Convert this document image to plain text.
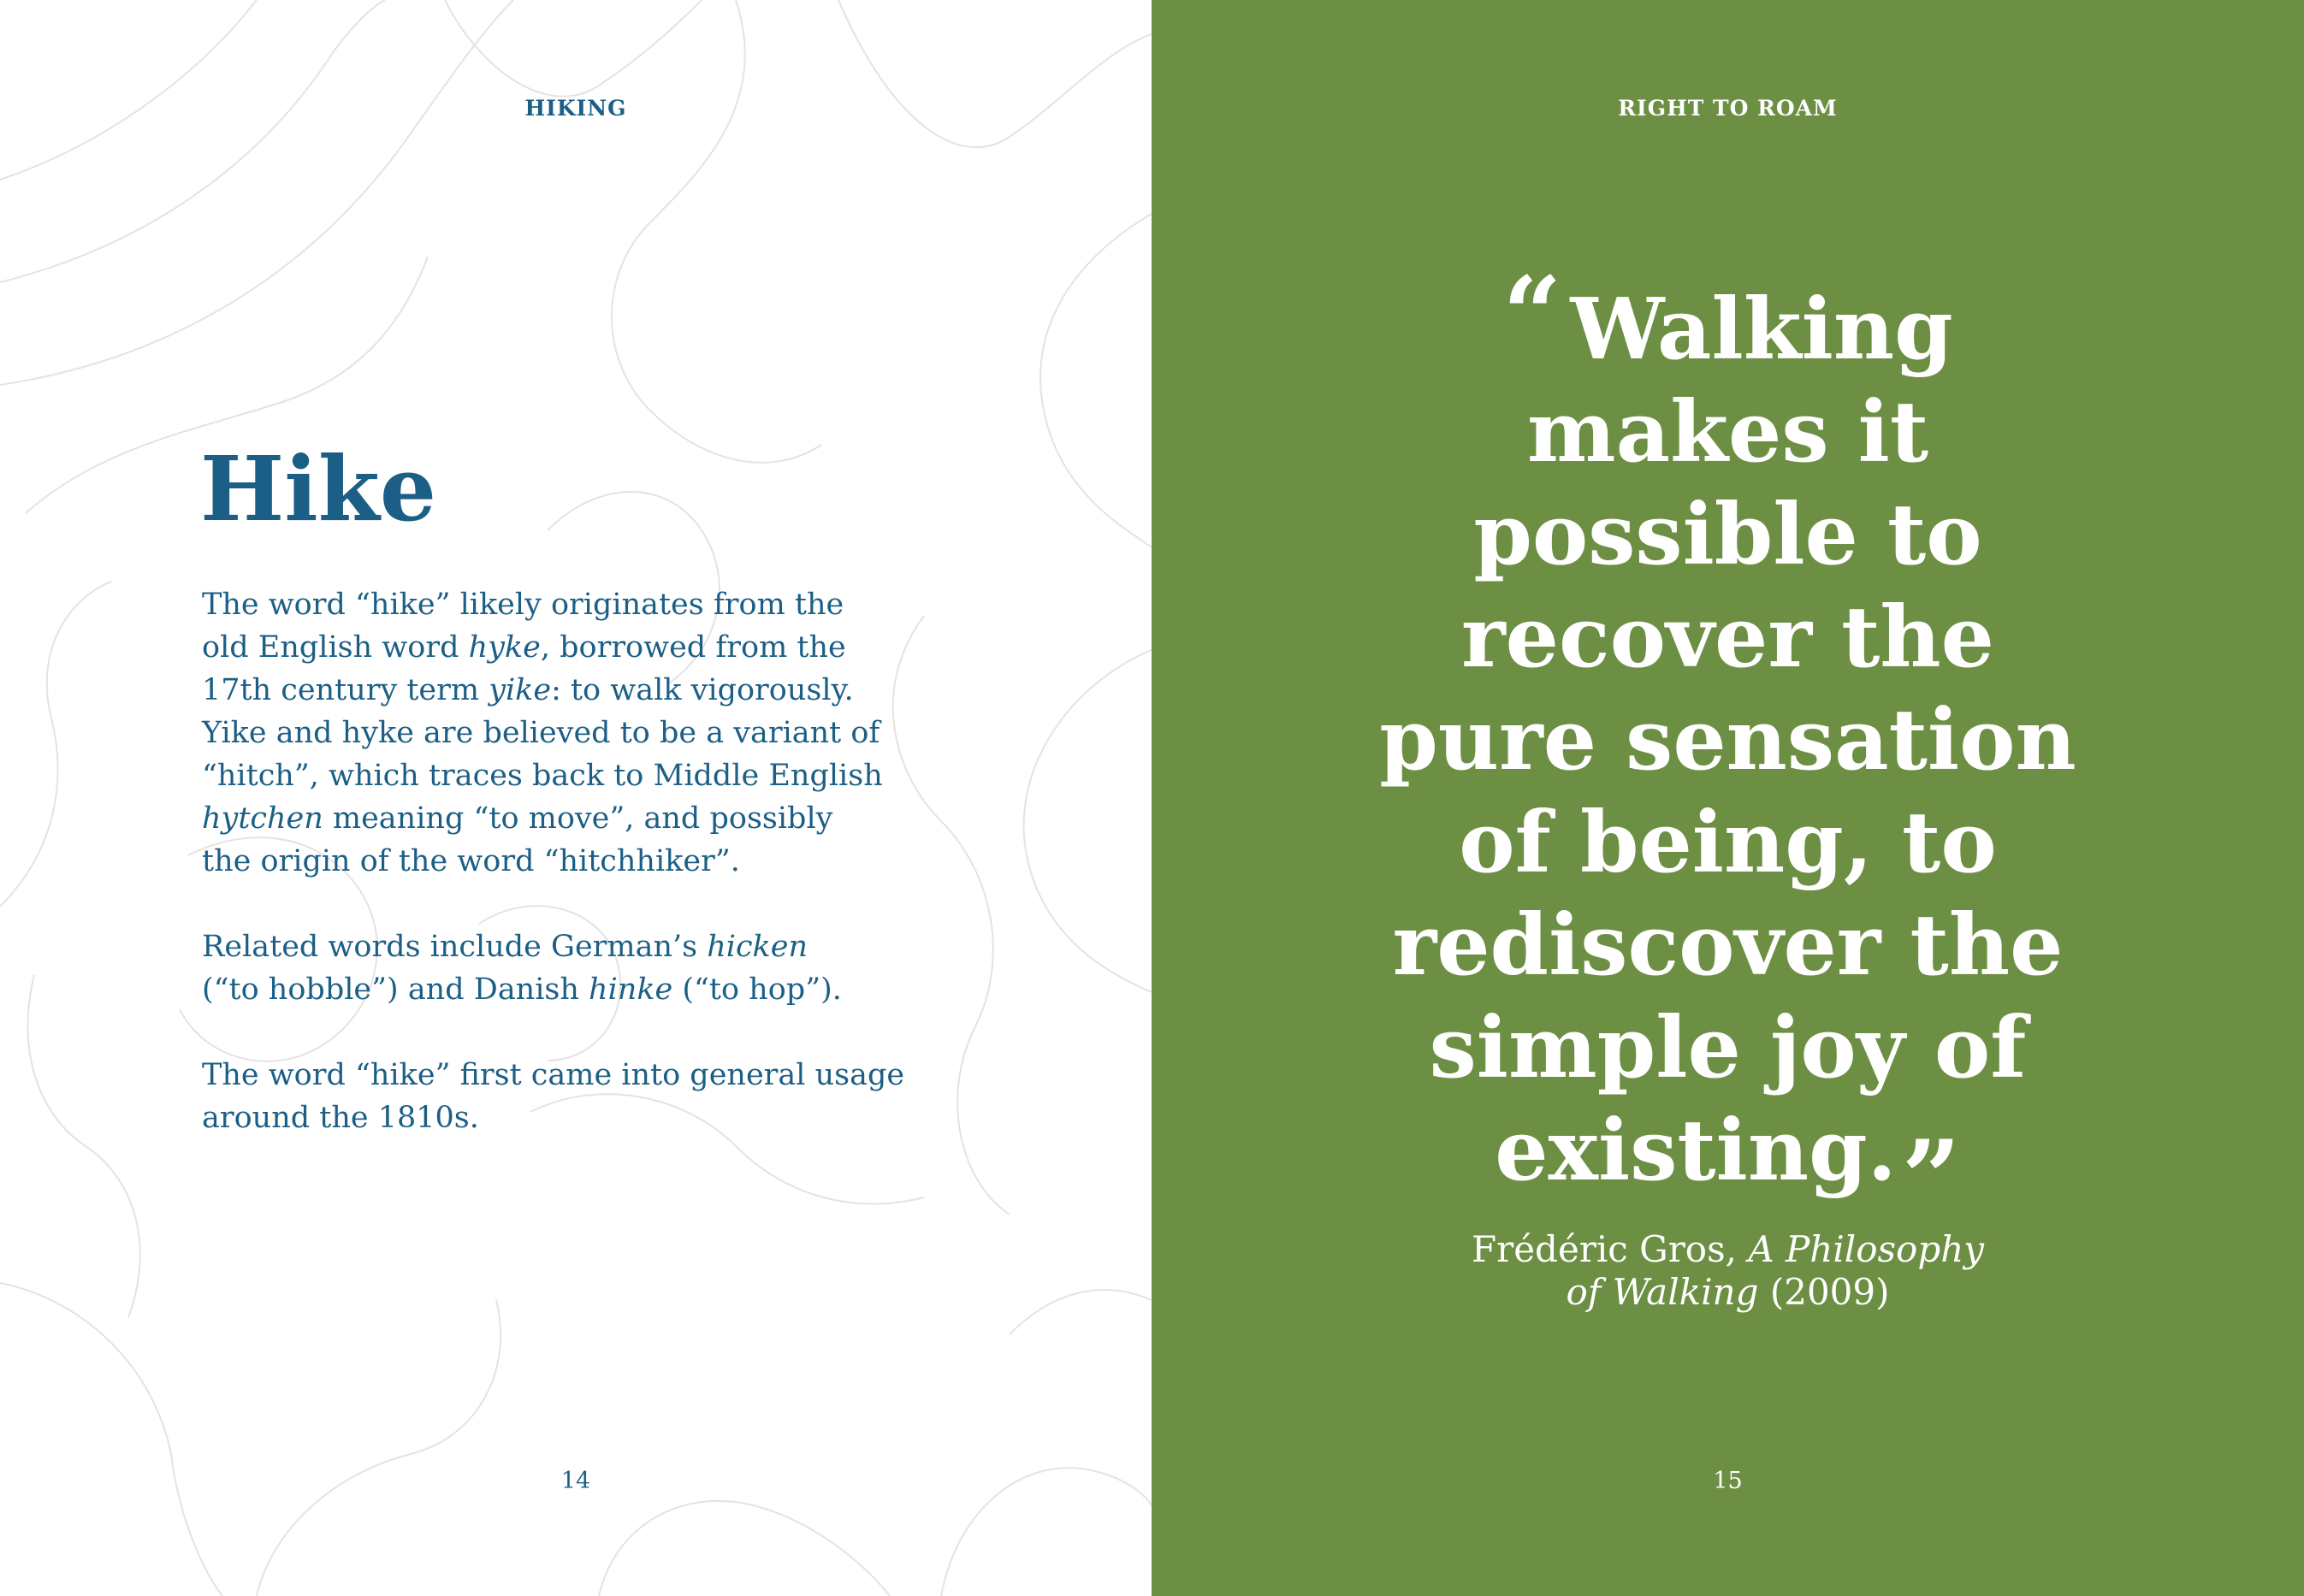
HIKING
Hike
The word “hike” likely originates from the
old English word hyke, borrowed from the
17th century term yike: to walk vigorously.
Yike and hyke are believed to be a variant of
“hitch”, which traces back to Middle English
hytchen meaning “to move”, and possibly
the origin of the word “hitchhiker”.
Related words include German’s hicken
(“to hobble”) and Danish hinke (“to hop”).
The word “hike” first came into general usage
around the 1810s.
14
RIGHT TO ROAM
“ Walking
makes it
possible to
recover the
pure sensation
of being, to
rediscover the
simple joy of
existing.”
Frédéric Gros, A Philosophy
of Walking (2009)
15
